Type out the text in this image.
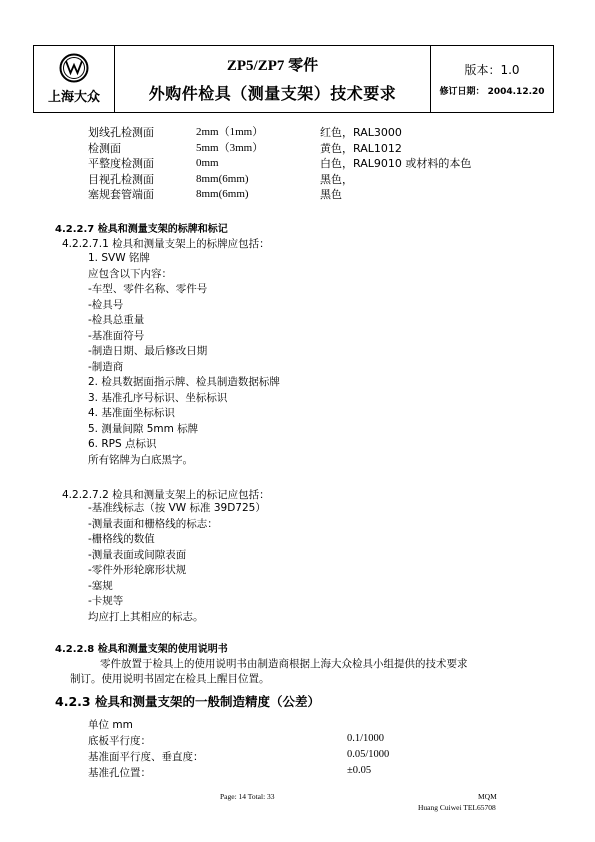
上海大众
ZP5/ZP7 零件
外购件检具（测量支架）技术要求
版本：1.0
修订日期： 2004.12.20
划线孔检测面	2mm（1mm）	红色，RAL3000
检测面	5mm（3mm）	黄色，RAL1012
平整度检测面	0mm	白色，RAL9010 或材料的本色
目视孔检测面	8mm(6mm)	黑色，
塞规套管端面	8mm(6mm)	黑色
4.2.2.7 检具和测量支架的标牌和标记
4.2.2.7.1 检具和测量支架上的标牌应包括：
1. SVW 铭牌
应包含以下内容：
-车型、零件名称、零件号
-检具号
-检具总重量
-基准面符号
-制造日期、最后修改日期
-制造商
2. 检具数据面指示牌、检具制造数据标牌
3. 基准孔序号标识、坐标标识
4. 基准面坐标标识
5. 测量间隙 5mm 标牌
6. RPS 点标识
所有铭牌为白底黑字。
4.2.2.7.2 检具和测量支架上的标记应包括：
-基准线标志（按 VW 标准 39D725）
-测量表面和栅格线的标志：
-栅格线的数值
-测量表面或间隙表面
-零件外形轮廓形状规
-塞规
-卡规等
均应打上其相应的标志。
4.2.2.8 检具和测量支架的使用说明书
零件放置于检具上的使用说明书由制造商根据上海大众检具小组提供的技术要求
制订。使用说明书固定在检具上醒目位置。
4.2.3 检具和测量支架的一般制造精度（公差）
单位 mm
底板平行度：	0.1/1000
基准面平行度、垂直度：	0.05/1000
基准孔位置：	±0.05
Page: 14 Total: 33	MQM
Huang Cuiwei TEL65708
